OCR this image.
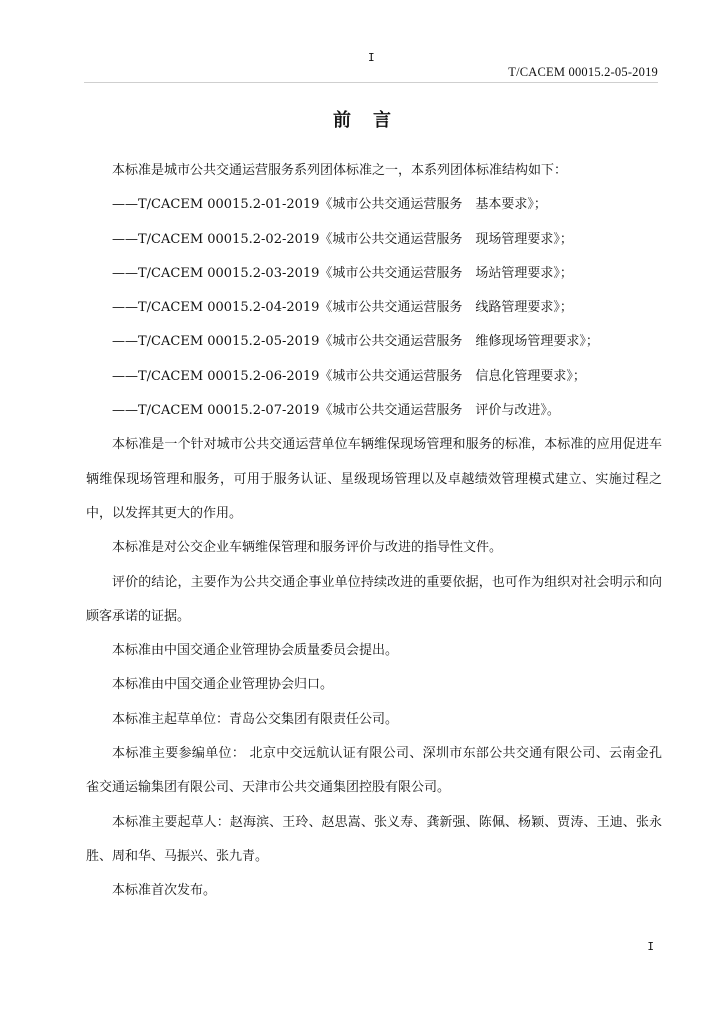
I
T/CACEM 00015.2-05-2019
前言

本标准是城市公共交通运营服务系列团体标准之一，本系列团体标准结构如下：

——T/CACEM 00015.2-01-2019《城市公共交通运营服务　基本要求》；

——T/CACEM 00015.2-02-2019《城市公共交通运营服务　现场管理要求》；

——T/CACEM 00015.2-03-2019《城市公共交通运营服务　场站管理要求》；

——T/CACEM 00015.2-04-2019《城市公共交通运营服务　线路管理要求》；

——T/CACEM 00015.2-05-2019《城市公共交通运营服务　维修现场管理要求》；

——T/CACEM 00015.2-06-2019《城市公共交通运营服务　信息化管理要求》；

——T/CACEM 00015.2-07-2019《城市公共交通运营服务　评价与改进》。

本标准是一个针对城市公共交通运营单位车辆维保现场管理和服务的标准，本标准的应用促进车辆维保现场管理和服务，可用于服务认证、星级现场管理以及卓越绩效管理模式建立、实施过程之中，以发挥其更大的作用。

本标准是对公交企业车辆维保管理和服务评价与改进的指导性文件。

评价的结论，主要作为公共交通企事业单位持续改进的重要依据，也可作为组织对社会明示和向顾客承诺的证据。

本标准由中国交通企业管理协会质量委员会提出。

本标准由中国交通企业管理协会归口。

本标准主起草单位：青岛公交集团有限责任公司。

本标准主要参编单位： 北京中交远航认证有限公司、深圳市东部公共交通有限公司、云南金孔雀交通运输集团有限公司、天津市公共交通集团控股有限公司。

本标准主要起草人：赵海滨、王玲、赵思嵩、张义寿、龚新强、陈佩、杨颖、贾涛、王迪、张永胜、周和华、马振兴、张九青。

本标准首次发布。

I
